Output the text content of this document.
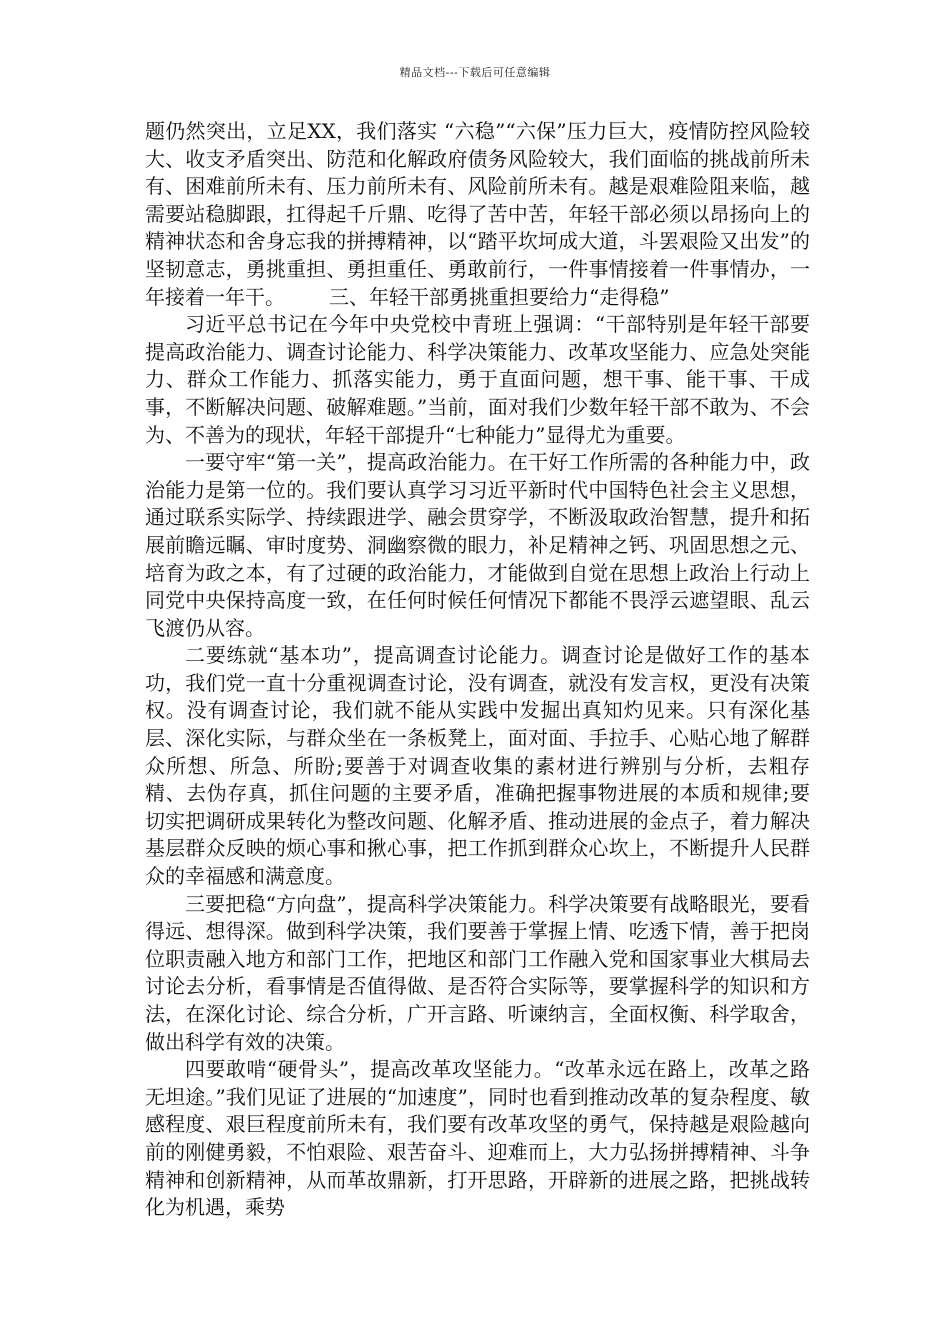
精品文档---下载后可任意编辑

题仍然突出，立足XX，我们落实 “六稳”“六保”压力巨大，疫情防控风险较大、收支矛盾突出、防范和化解政府债务风险较大，我们面临的挑战前所未有、困难前所未有、压力前所未有、风险前所未有。越是艰难险阻来临，越需要站稳脚跟，扛得起千斤鼎、吃得了苦中苦，年轻干部必须以昂扬向上的精神状态和舍身忘我的拼搏精神，以“踏平坎坷成大道，斗罢艰险又出发”的坚韧意志，勇挑重担、勇担重任、勇敢前行，一件事情接着一件事情办，一年接着一年干。 三、年轻干部勇挑重担要给力“走得稳”

习近平总书记在今年中央党校中青班上强调：“干部特别是年轻干部要提高政治能力、调查讨论能力、科学决策能力、改革攻坚能力、应急处突能力、群众工作能力、抓落实能力，勇于直面问题，想干事、能干事、干成事，不断解决问题、破解难题。”当前，面对我们少数年轻干部不敢为、不会为、不善为的现状，年轻干部提升“七种能力”显得尤为重要。

一要守牢“第一关”，提高政治能力。在干好工作所需的各种能力中，政治能力是第一位的。我们要认真学习习近平新时代中国特色社会主义思想，通过联系实际学、持续跟进学、融会贯穿学，不断汲取政治智慧，提升和拓展前瞻远瞩、审时度势、洞幽察微的眼力，补足精神之钙、巩固思想之元、培育为政之本，有了过硬的政治能力，才能做到自觉在思想上政治上行动上同党中央保持高度一致，在任何时候任何情况下都能不畏浮云遮望眼、乱云飞渡仍从容。

二要练就“基本功”，提高调查讨论能力。调查讨论是做好工作的基本功，我们党一直十分重视调查讨论，没有调查，就没有发言权，更没有决策权。没有调查讨论，我们就不能从实践中发掘出真知灼见来。只有深化基层、深化实际，与群众坐在一条板凳上，面对面、手拉手、心贴心地了解群众所想、所急、所盼;要善于对调查收集的素材进行辨别与分析，去粗存精、去伪存真，抓住问题的主要矛盾，准确把握事物进展的本质和规律;要切实把调研成果转化为整改问题、化解矛盾、推动进展的金点子，着力解决基层群众反映的烦心事和揪心事，把工作抓到群众心坎上，不断提升人民群众的幸福感和满意度。

三要把稳“方向盘”，提高科学决策能力。科学决策要有战略眼光，要看得远、想得深。做到科学决策，我们要善于掌握上情、吃透下情，善于把岗位职责融入地方和部门工作，把地区和部门工作融入党和国家事业大棋局去讨论去分析，看事情是否值得做、是否符合实际等，要掌握科学的知识和方法，在深化讨论、综合分析，广开言路、听谏纳言，全面权衡、科学取舍，做出科学有效的决策。

四要敢啃“硬骨头”，提高改革攻坚能力。“改革永远在路上，改革之路无坦途。”我们见证了进展的“加速度”，同时也看到推动改革的复杂程度、敏感程度、艰巨程度前所未有，我们要有改革攻坚的勇气，保持越是艰险越向前的刚健勇毅，不怕艰险、艰苦奋斗、迎难而上，大力弘扬拼搏精神、斗争精神和创新精神，从而革故鼎新，打开思路，开辟新的进展之路，把挑战转化为机遇，乘势
